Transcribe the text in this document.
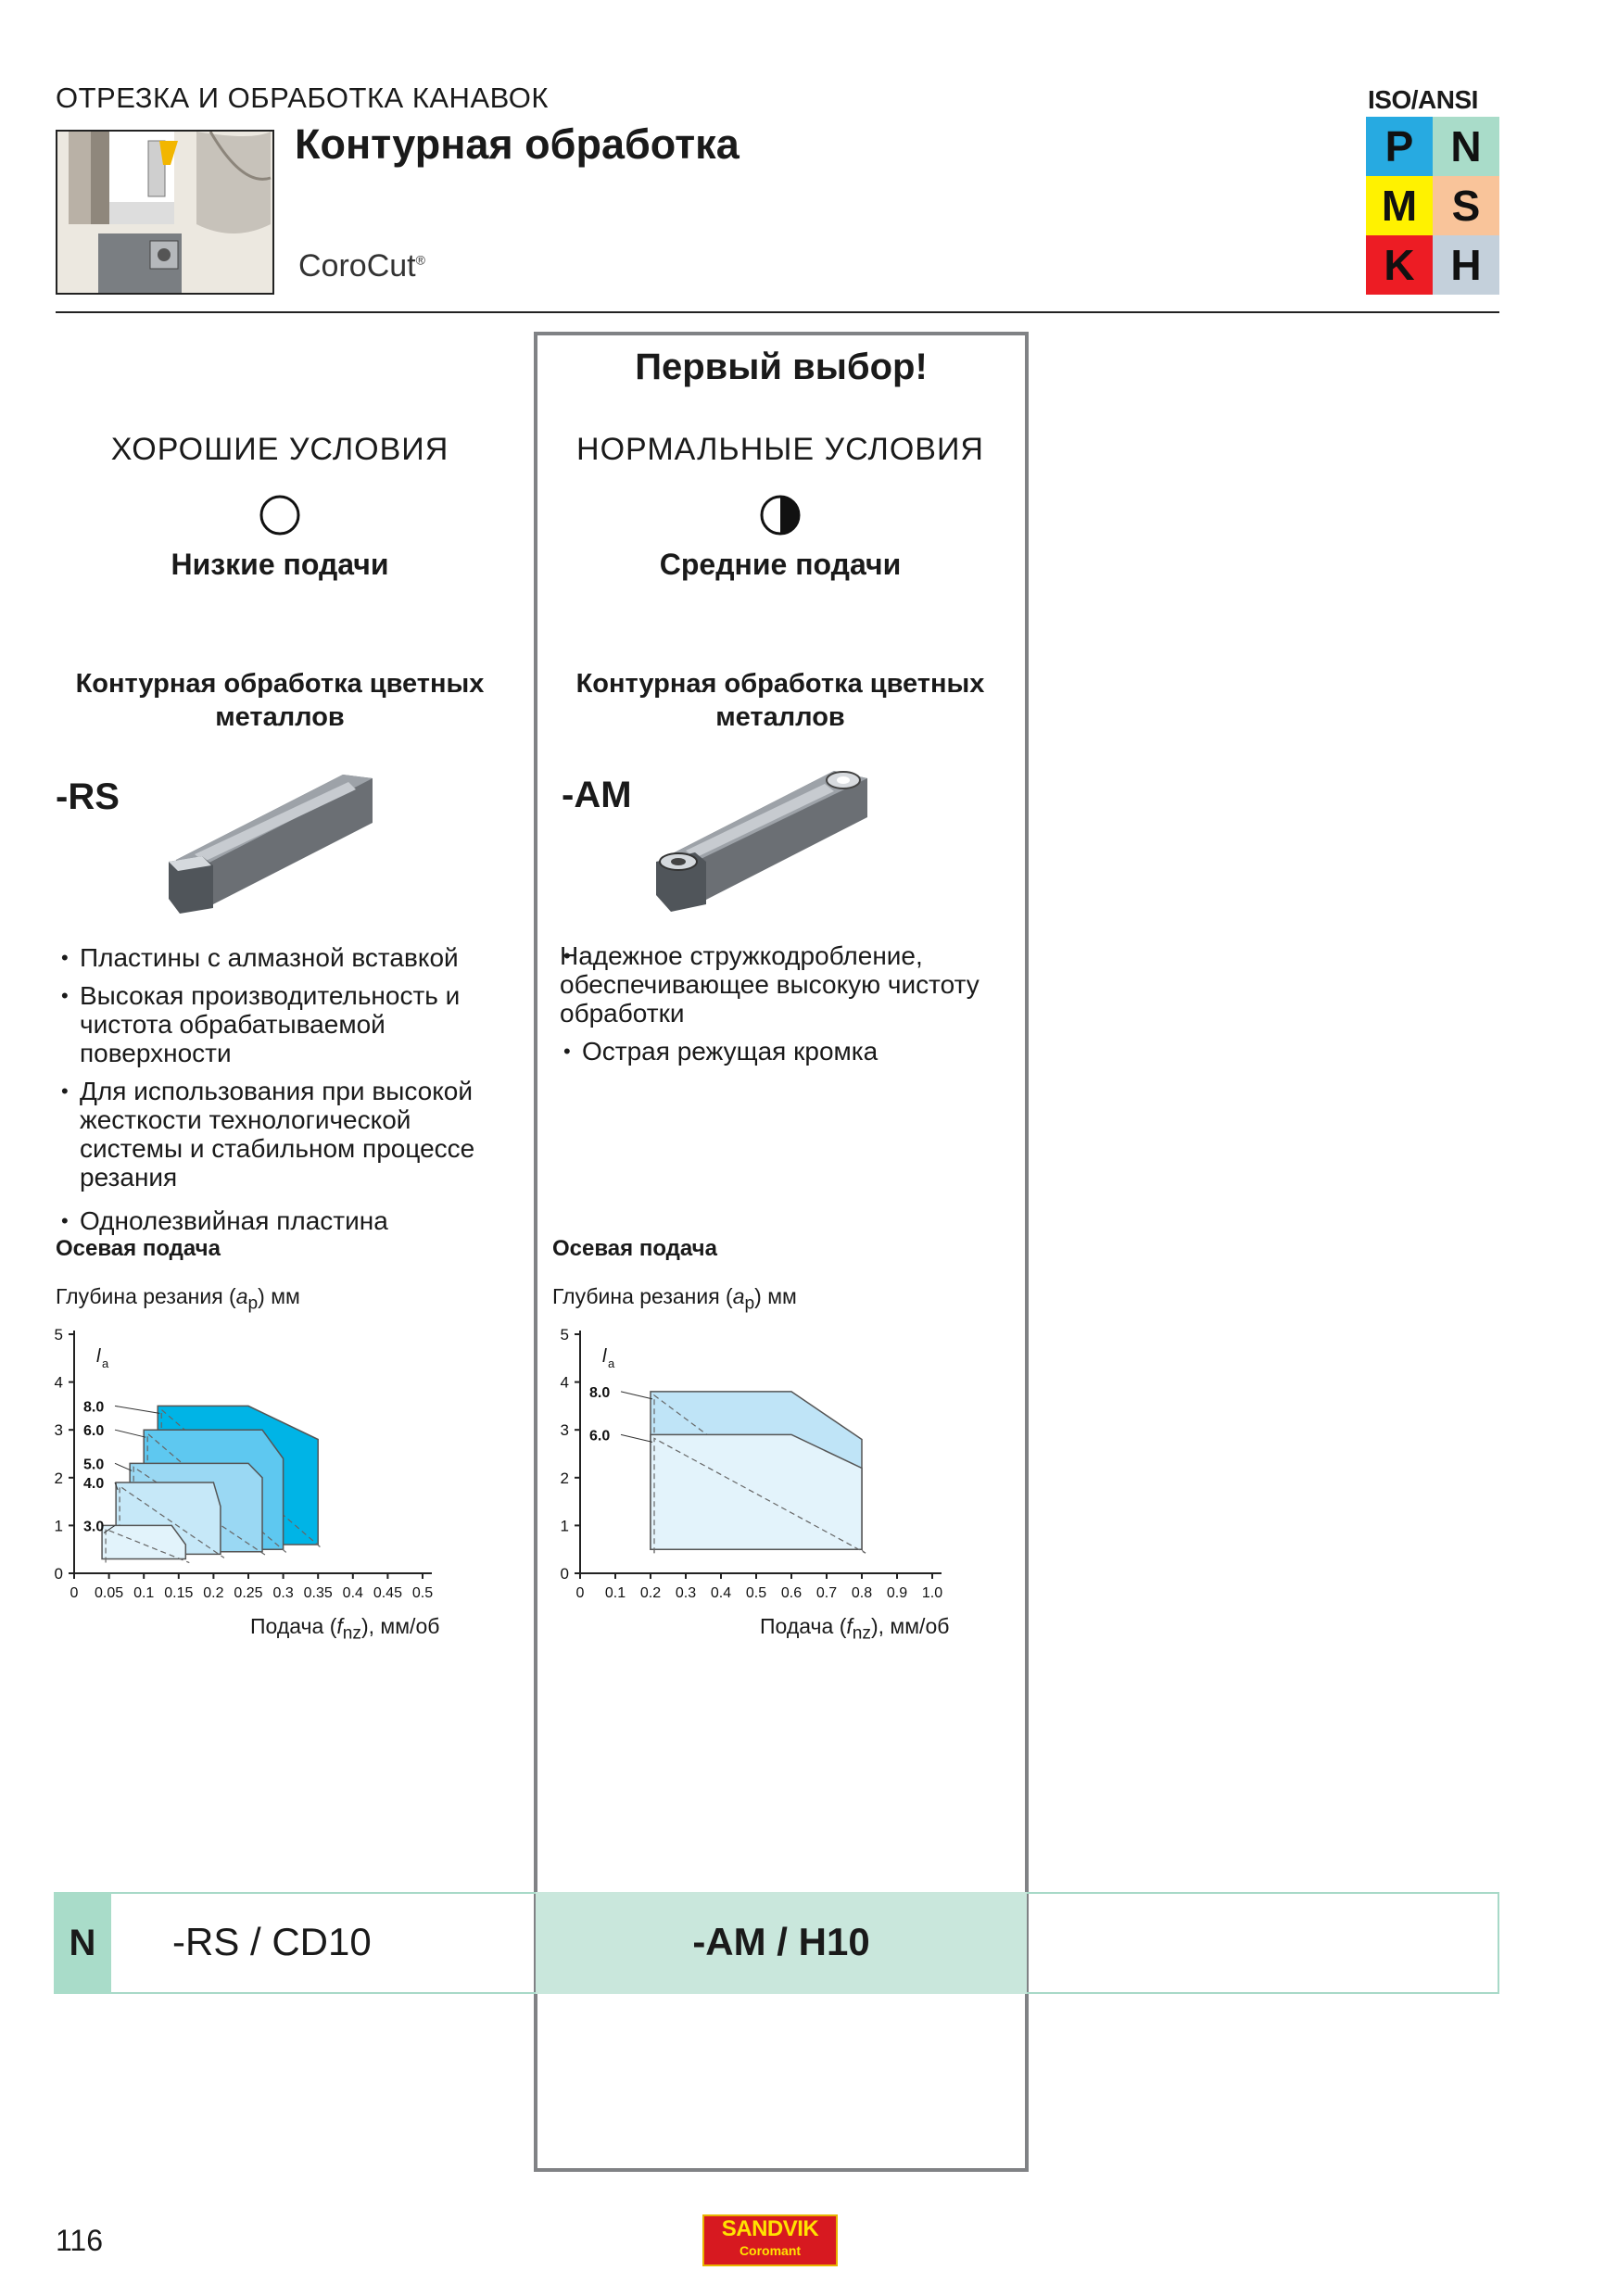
ОТРЕЗКА И ОБРАБОТКА КАНАВОК
Контурная обработка
CoroCut®
ISO/ANSI
P N
M S
K H
Первый выбор!
ХОРОШИЕ УСЛОВИЯ
Низкие подачи
Контурная обработка цветных металлов
-RS
• Пластины с алмазной вставкой
• Высокая производительность и чистота обрабатываемой поверхности
• Для использования при высокой жесткости технологической системы и стабильном процессе резания
• Однолезвийная пластина
Осевая подача
Глубина резания $(a_p)$ мм
0
1
2
3
4
5
0 0.05 0.1 0.15 0.2 0.25 0.3 0.35 0.4 0.45 0.5
l a
8.0
6.0
5.0
4.0
3.0
Подача $(f_{nz})$, мм/об
НОРМАЛЬНЫЕ УСЛОВИЯ
Средние подачи
Контурная обработка цветных металлов
-AM
• Надежное стружкодробление, обеспечивающее высокую чистоту обработки
• Острая режущая кромка
Осевая подача
Глубина резания $(a_p)$ мм
0
1
2
3
4
5
0 0.1 0.2 0.3 0.4 0.5 0.6 0.7 0.8 0.9 1.0
l a
8.0
6.0
Подача $(f_{nz})$, мм/об
N	-RS / CD10	-AM / H10
116	SANDVIK
Coromant
